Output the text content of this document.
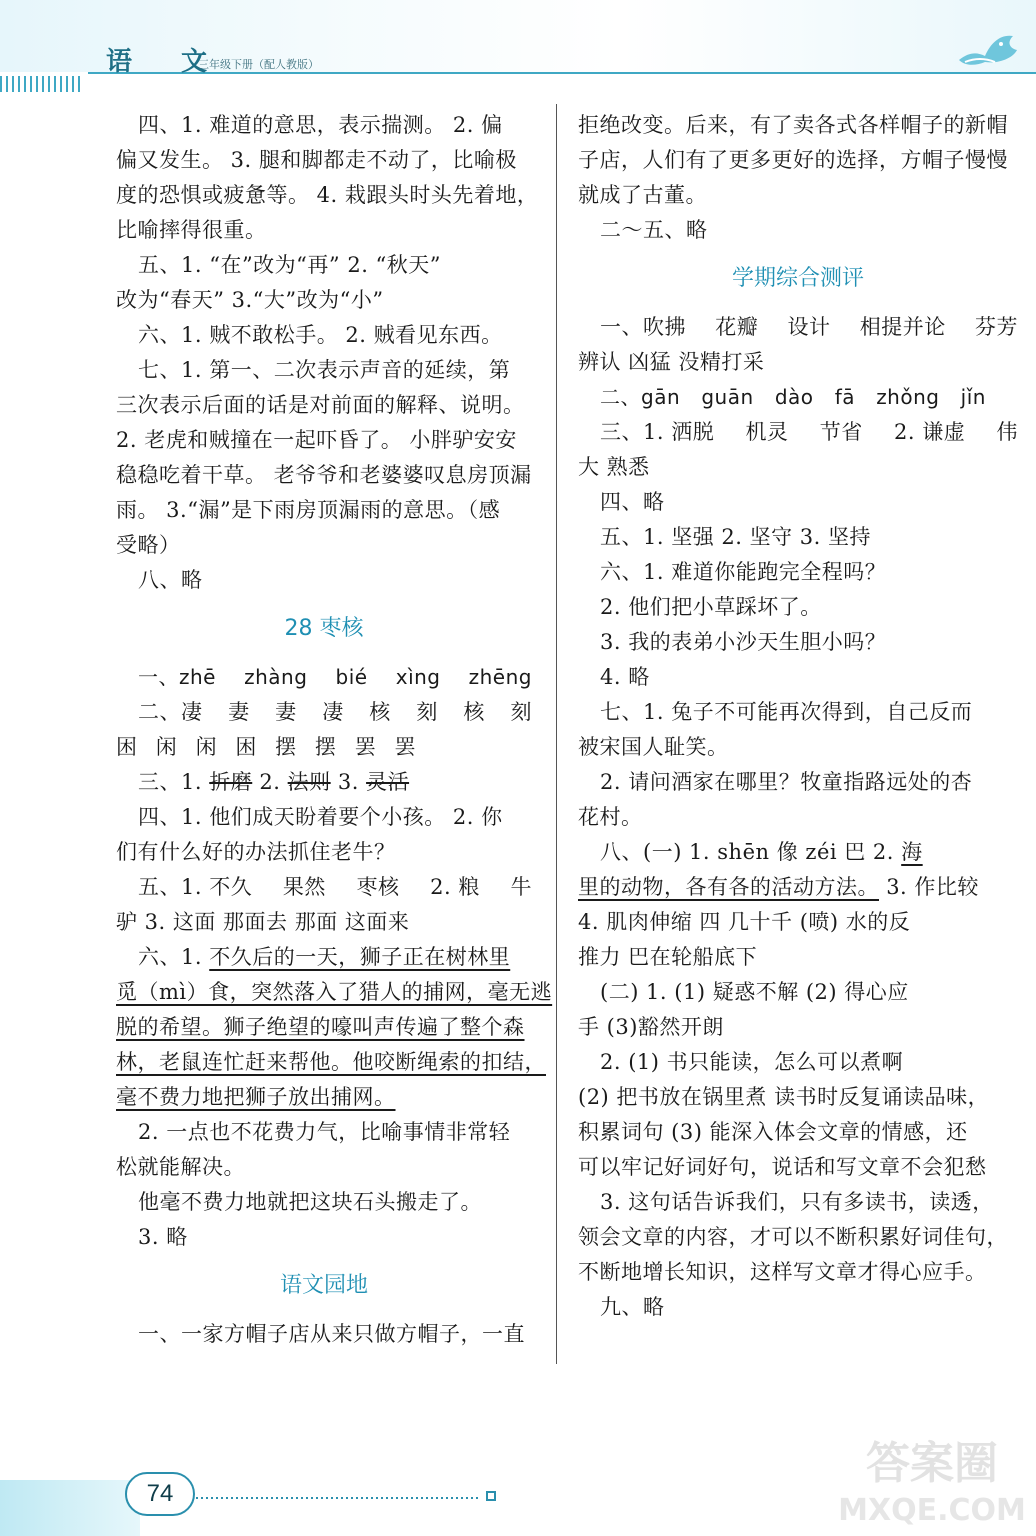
语 文
三年级下册（配人教版）
四、1. 难道的意思，表示揣测。 2. 偏
偏又发生。 3. 腿和脚都走不动了，比喻极
度的恐惧或疲惫等。 4. 栽跟头时头先着地，
比喻摔得很重。
五、1. “在”改为“再” 2. “秋天”
改为“春天” 3.“大”改为“小”
六、1. 贼不敢松手。 2. 贼看见东西。
七、1. 第一、二次表示声音的延续，第
三次表示后面的话是对前面的解释、说明。
2. 老虎和贼撞在一起吓昏了。 小胖驴安安
稳稳吃着干草。 老爷爷和老婆婆叹息房顶漏
雨。 3.“漏”是下雨房顶漏雨的意思。（感
受略）
八、略
28 枣核
一、zhē zhàng bié xìng zhēng
二、凄 妻 妻 凄 核 刻 核 刻
困 闲 闲 困 摆 摆 罢 罢
三、1. 折磨 2. 法则 3. 灵活
四、1. 他们成天盼着要个小孩。 2. 你
们有什么好的办法抓住老牛？
五、1. 不久 果然 枣核 2. 粮 牛
驴 3. 这面 那面去 那面 这面来
六、1. 不久后的一天，狮子正在树林里
觅（mì）食，突然落入了猎人的捕网，毫无逃
脱的希望。狮子绝望的嚎叫声传遍了整个森
林，老鼠连忙赶来帮他。他咬断绳索的扣结，
毫不费力地把狮子放出捕网。
2. 一点也不花费力气，比喻事情非常轻
松就能解决。
他毫不费力地就把这块石头搬走了。
3. 略
语文园地
一、一家方帽子店从来只做方帽子，一直
拒绝改变。后来，有了卖各式各样帽子的新帽
子店，人们有了更多更好的选择，方帽子慢慢
就成了古董。
二～五、略
学期综合测评
一、吹拂 花瓣 设计 相提并论 芬芳
辨认 凶猛 没精打采
二、gān guān dào fā zhǒng jǐn
三、1. 洒脱 机灵 节省 2. 谦虚 伟
大 熟悉
四、略
五、1. 坚强 2. 坚守 3. 坚持
六、1. 难道你能跑完全程吗？
2. 他们把小草踩坏了。
3. 我的表弟小沙天生胆小吗？
4. 略
七、1. 兔子不可能再次得到，自己反而
被宋国人耻笑。
2. 请问酒家在哪里？牧童指路远处的杏
花村。
八、(一) 1. shēn 像 zéi 巴 2. 海
里的动物，各有各的活动方法。 3. 作比较
4. 肌肉伸缩 四 几十千 (喷) 水的反
推力 巴在轮船底下
(二) 1. (1) 疑惑不解 (2) 得心应
手 (3)豁然开朗
2. (1) 书只能读，怎么可以煮啊
(2) 把书放在锅里煮 读书时反复诵读品味，
积累词句 (3) 能深入体会文章的情感，还
可以牢记好词好句，说话和写文章不会犯愁
3. 这句话告诉我们，只有多读书，读透，
领会文章的内容，才可以不断积累好词佳句，
不断地增长知识，这样写文章才得心应手。
九、略
74
答案圈
MXQE.COM
